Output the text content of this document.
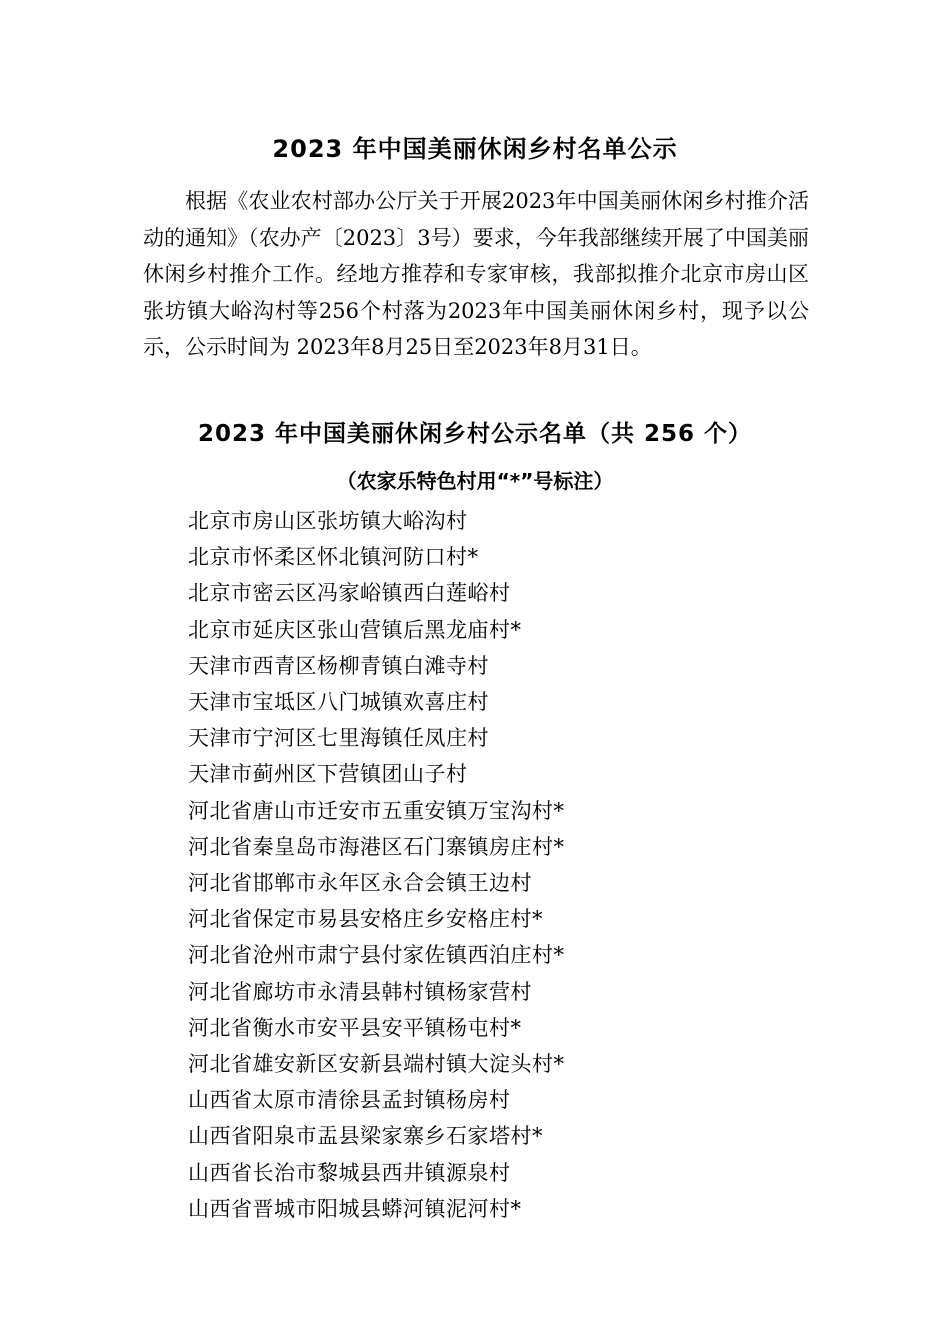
2023 年中国美丽休闲乡村名单公示

根据《农业农村部办公厅关于开展2023年中国美丽休闲乡村推介活动的通知》（农办产〔2023〕3号）要求，今年我部继续开展了中国美丽休闲乡村推介工作。经地方推荐和专家审核，我部拟推介北京市房山区张坊镇大峪沟村等256个村落为2023年中国美丽休闲乡村，现予以公示，公示时间为 2023年8月25日至2023年8月31日。

2023 年中国美丽休闲乡村公示名单（共 256 个）
（农家乐特色村用“*”号标注）
北京市房山区张坊镇大峪沟村
北京市怀柔区怀北镇河防口村*
北京市密云区冯家峪镇西白莲峪村
北京市延庆区张山营镇后黑龙庙村*
天津市西青区杨柳青镇白滩寺村
天津市宝坻区八门城镇欢喜庄村
天津市宁河区七里海镇任凤庄村
天津市蓟州区下营镇团山子村
河北省唐山市迁安市五重安镇万宝沟村*
河北省秦皇岛市海港区石门寨镇房庄村*
河北省邯郸市永年区永合会镇王边村
河北省保定市易县安格庄乡安格庄村*
河北省沧州市肃宁县付家佐镇西泊庄村*
河北省廊坊市永清县韩村镇杨家营村
河北省衡水市安平县安平镇杨屯村*
河北省雄安新区安新县端村镇大淀头村*
山西省太原市清徐县孟封镇杨房村
山西省阳泉市盂县梁家寨乡石家塔村*
山西省长治市黎城县西井镇源泉村
山西省晋城市阳城县蟒河镇泥河村*
